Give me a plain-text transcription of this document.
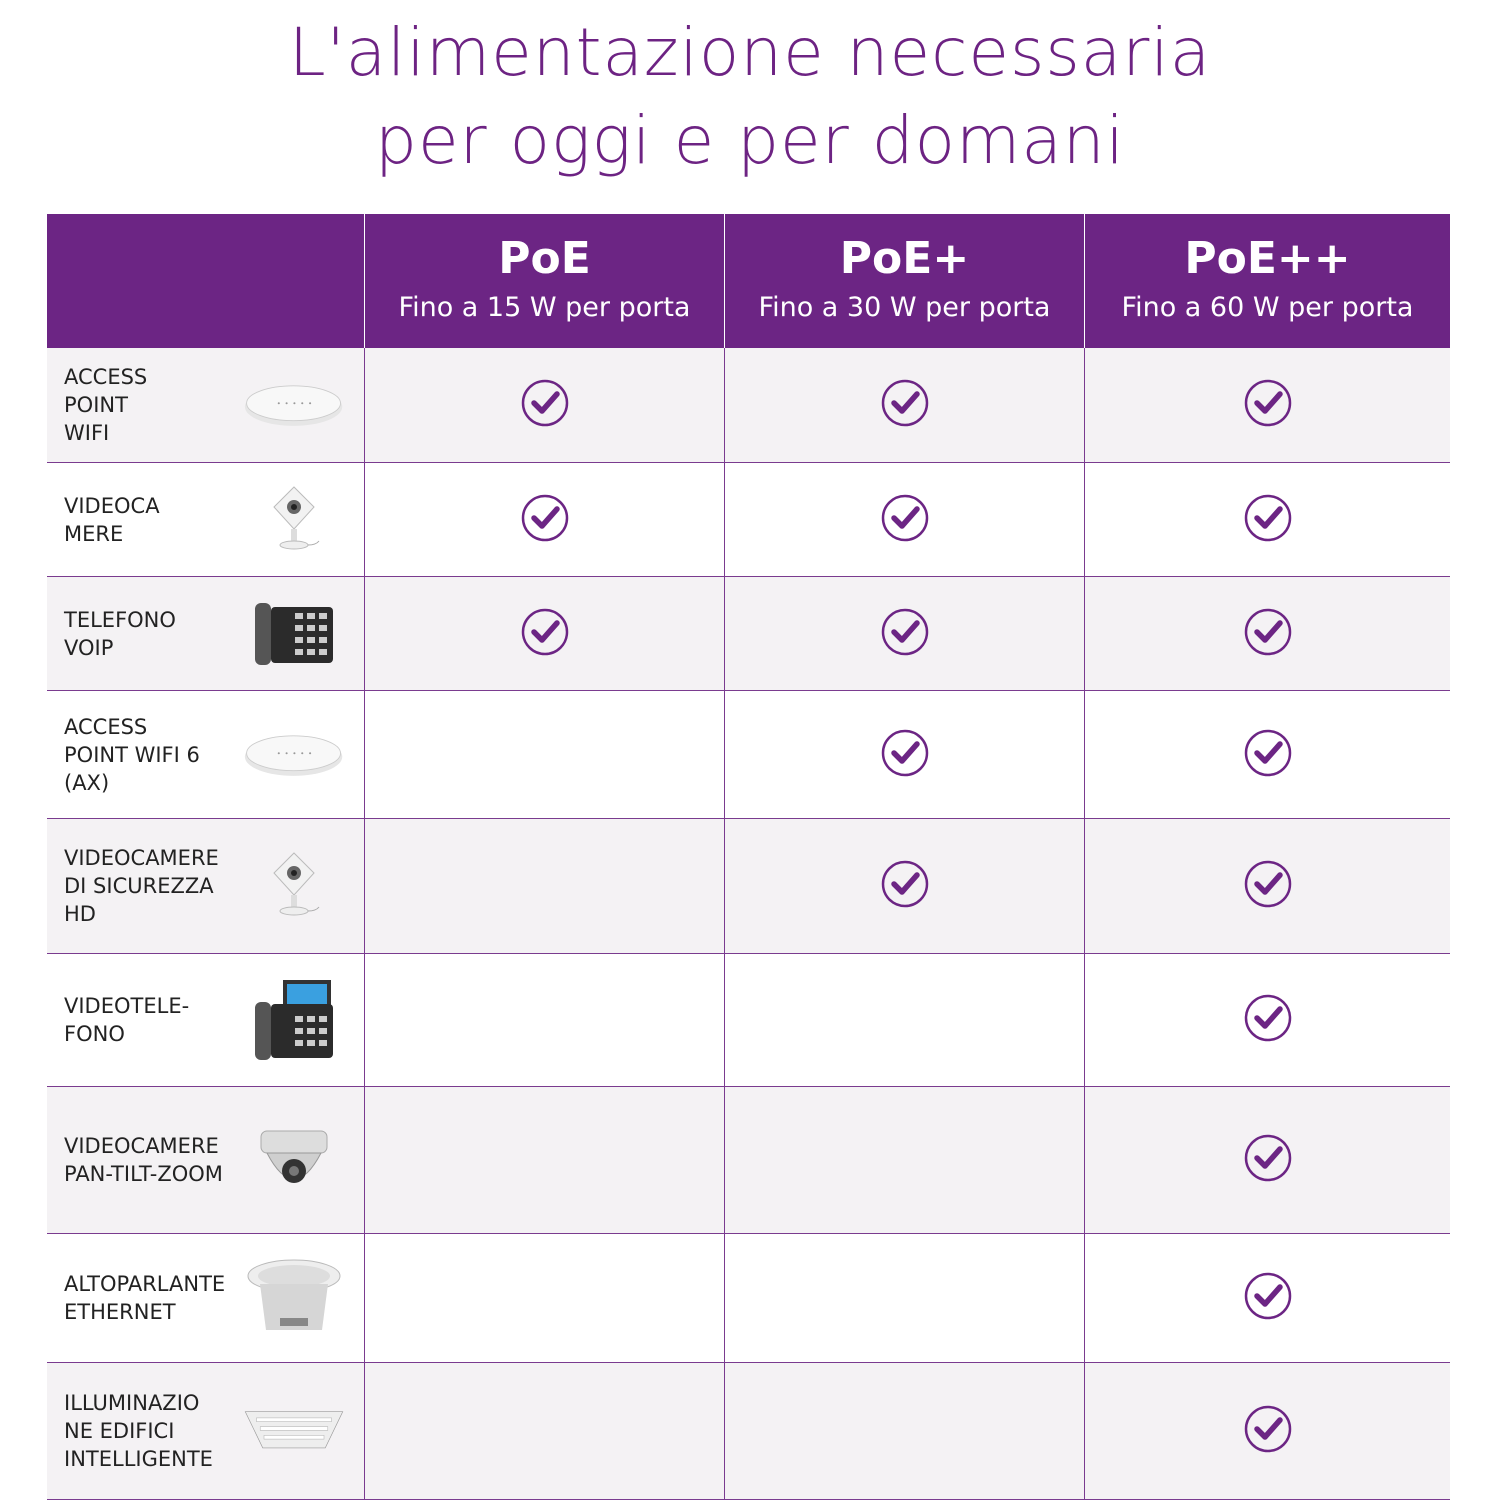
L'alimentazione necessaria
per oggi e per domani
PoE
Fino a 15 W per porta
PoE+
Fino a 30 W per porta
PoE++
Fino a 60 W per porta
ACCESS
POINT
WIFI
VIDEOCA
MERE
TELEFONO
VOIP
ACCESS
POINT WIFI 6
(AX)
VIDEOCAMERE
DI SICUREZZA
HD
VIDEOTELE-
FONO
VIDEOCAMERE
PAN-TILT-ZOOM
ALTOPARLANTE
ETHERNET
ILLUMINAZIO
NE EDIFICI
INTELLIGENTE
